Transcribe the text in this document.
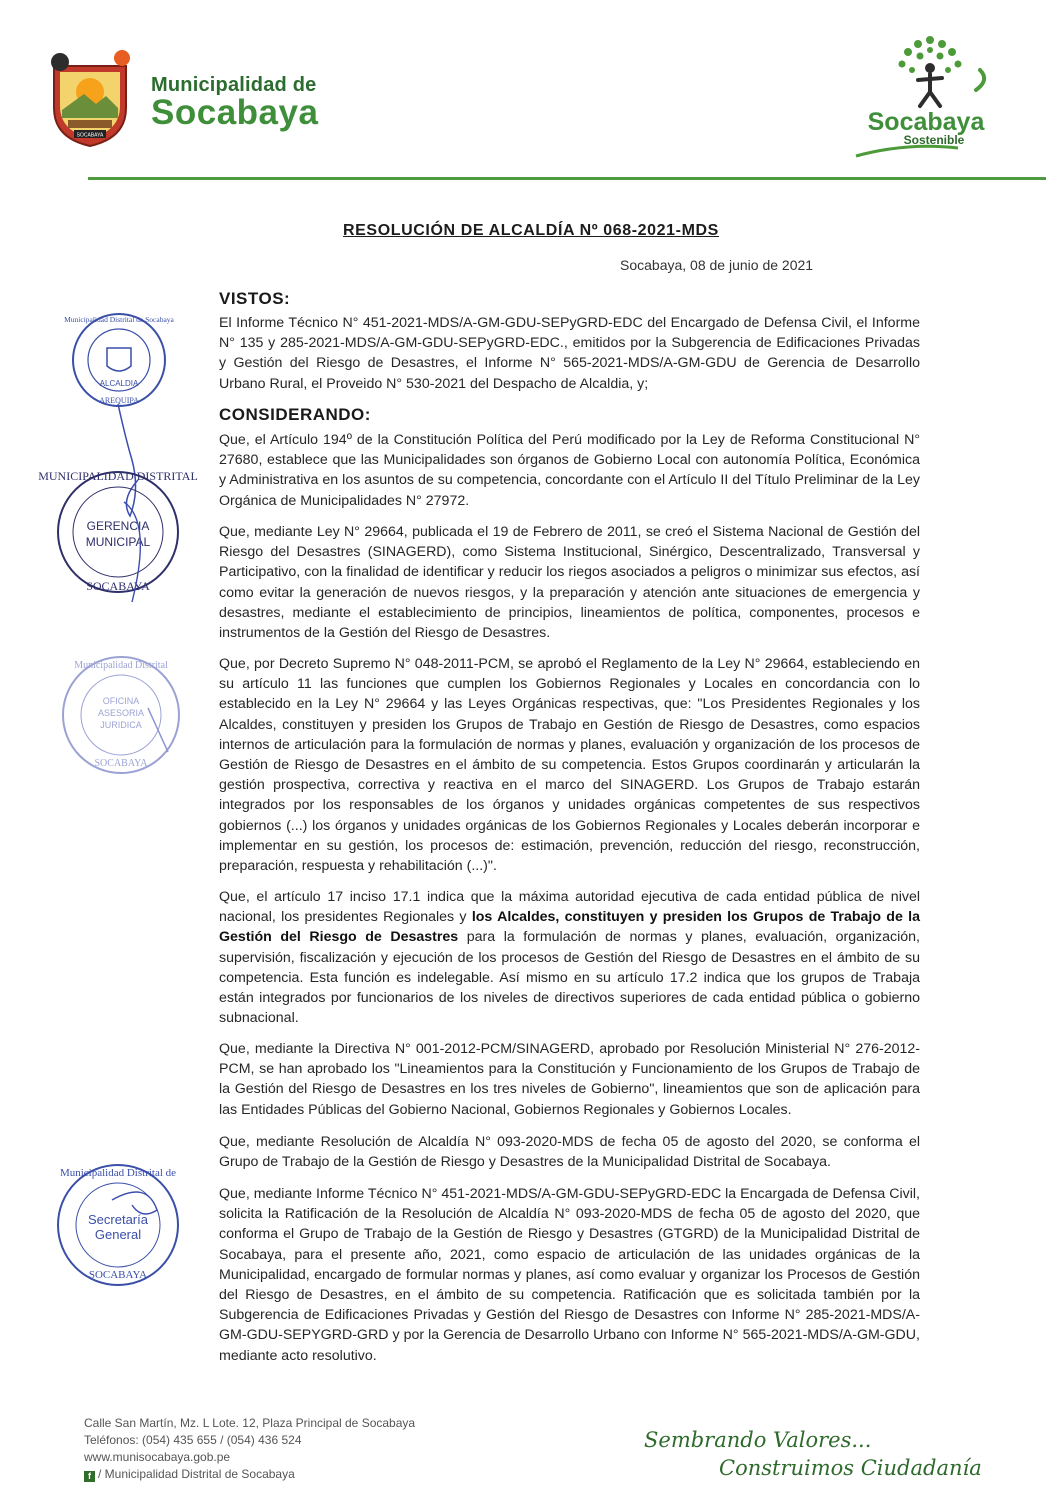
SOCABAYA
Municipalidad de
Socabaya	Socabaya
Sostenible
Municipalidad Distrital de Socabaya
ALCALDIA
AREQUIPA
MUNICIPALIDAD DISTRITAL
GERENCIA
MUNICIPAL
SOCABAYA
Municipalidad Distrital
OFICINA
ASESORIA
JURIDICA
SOCABAYA
Municipalidad Distrital de
Secretaría
General
SOCABAYA
RESOLUCIÓN DE ALCALDÍA Nº 068-2021-MDS
Socabaya, 08 de junio de 2021
VISTOS:
El Informe Técnico N° 451-2021-MDS/A-GM-GDU-SEPyGRD-EDC del Encargado de Defensa Civil, el Informe N° 135 y 285-2021-MDS/A-GM-GDU-SEPyGRD-EDC., emitidos por la Subgerencia de Edificaciones Privadas y Gestión del Riesgo de Desastres, el Informe N° 565-2021-MDS/A-GM-GDU de Gerencia de Desarrollo Urbano Rural, el Proveido N° 530-2021 del Despacho de Alcaldia, y;
CONSIDERANDO:
Que, el Artículo 194º de la Constitución Política del Perú modificado por la Ley de Reforma Constitucional N° 27680, establece que las Municipalidades son órganos de Gobierno Local con autonomía Política, Económica y Administrativa en los asuntos de su competencia, concordante con el Artículo II del Título Preliminar de la Ley Orgánica de Municipalidades N° 27972.
Que, mediante Ley N° 29664, publicada el 19 de Febrero de 2011, se creó el Sistema Nacional de Gestión del Riesgo del Desastres (SINAGERD), como Sistema Institucional, Sinérgico, Descentralizado, Transversal y Participativo, con la finalidad de identificar y reducir los riegos asociados a peligros o minimizar sus efectos, así como evitar la generación de nuevos riesgos, y la preparación y atención ante situaciones de emergencia y desastres, mediante el establecimiento de principios, lineamientos de política, componentes, procesos e instrumentos de la Gestión del Riesgo de Desastres.
Que, por Decreto Supremo N° 048-2011-PCM, se aprobó el Reglamento de la Ley N° 29664, estableciendo en su artículo 11 las funciones que cumplen los Gobiernos Regionales y Locales en concordancia con lo establecido en la Ley N° 29664 y las Leyes Orgánicas respectivas, que: "Los Presidentes Regionales y los Alcaldes, constituyen y presiden los Grupos de Trabajo en Gestión de Riesgo de Desastres, como espacios internos de articulación para la formulación de normas y planes, evaluación y organización de los procesos de Gestión de Riesgo de Desastres en el ámbito de su competencia. Estos Grupos coordinarán y articularán la gestión prospectiva, correctiva y reactiva en el marco del SINAGERD. Los Grupos de Trabajo estarán integrados por los responsables de los órganos y unidades orgánicas competentes de sus respectivos gobiernos (...) los órganos y unidades orgánicas de los Gobiernos Regionales y Locales deberán incorporar e implementar en su gestión, los procesos de: estimación, prevención, reducción del riesgo, reconstrucción, preparación, respuesta y rehabilitación (...)".
Que, el artículo 17 inciso 17.1 indica que la máxima autoridad ejecutiva de cada entidad pública de nivel nacional, los presidentes Regionales y los Alcaldes, constituyen y presiden los Grupos de Trabajo de la Gestión del Riesgo de Desastres para la formulación de normas y planes, evaluación, organización, supervisión, fiscalización y ejecución de los procesos de Gestión del Riesgo de Desastres en el ámbito de su competencia. Esta función es indelegable. Así mismo en su artículo 17.2 indica que los grupos de Trabaja están integrados por funcionarios de los niveles de directivos superiores de cada entidad pública o gobierno subnacional.
Que, mediante la Directiva N° 001-2012-PCM/SINAGERD, aprobado por Resolución Ministerial N° 276-2012-PCM, se han aprobado los "Lineamientos para la Constitución y Funcionamiento de los Grupos de Trabajo de la Gestión del Riesgo de Desastres en los tres niveles de Gobierno", lineamientos que son de aplicación para las Entidades Públicas del Gobierno Nacional, Gobiernos Regionales y Gobiernos Locales.
Que, mediante Resolución de Alcaldía N° 093-2020-MDS de fecha 05 de agosto del 2020, se conforma el Grupo de Trabajo de la Gestión de Riesgo y Desastres de la Municipalidad Distrital de Socabaya.
Que, mediante Informe Técnico N° 451-2021-MDS/A-GM-GDU-SEPyGRD-EDC la Encargada de Defensa Civil, solicita la Ratificación de la Resolución de Alcaldía N° 093-2020-MDS de fecha 05 de agosto del 2020, que conforma el Grupo de Trabajo de la Gestión de Riesgo y Desastres (GTGRD) de la Municipalidad Distrital de Socabaya, para el presente año, 2021, como espacio de articulación de las unidades orgánicas de la Municipalidad, encargado de formular normas y planes, así como evaluar y organizar los Procesos de Gestión del Riesgo de Desastres, en el ámbito de su competencia. Ratificación que es solicitada también por la Subgerencia de Edificaciones Privadas y Gestión del Riesgo de Desastres con Informe N° 285-2021-MDS/A-GM-GDU-SEPYGRD-GRD y por la Gerencia de Desarrollo Urbano con Informe N° 565-2021-MDS/A-GM-GDU, mediante acto resolutivo.
Calle San Martín, Mz. L Lote. 12, Plaza Principal de Socabaya
Teléfonos: (054) 435 655 / (054) 436 524
www.munisocabaya.gob.pe
f / Municipalidad Distrital de Socabaya
Sembrando Valores...
Construimos Ciudadanía
